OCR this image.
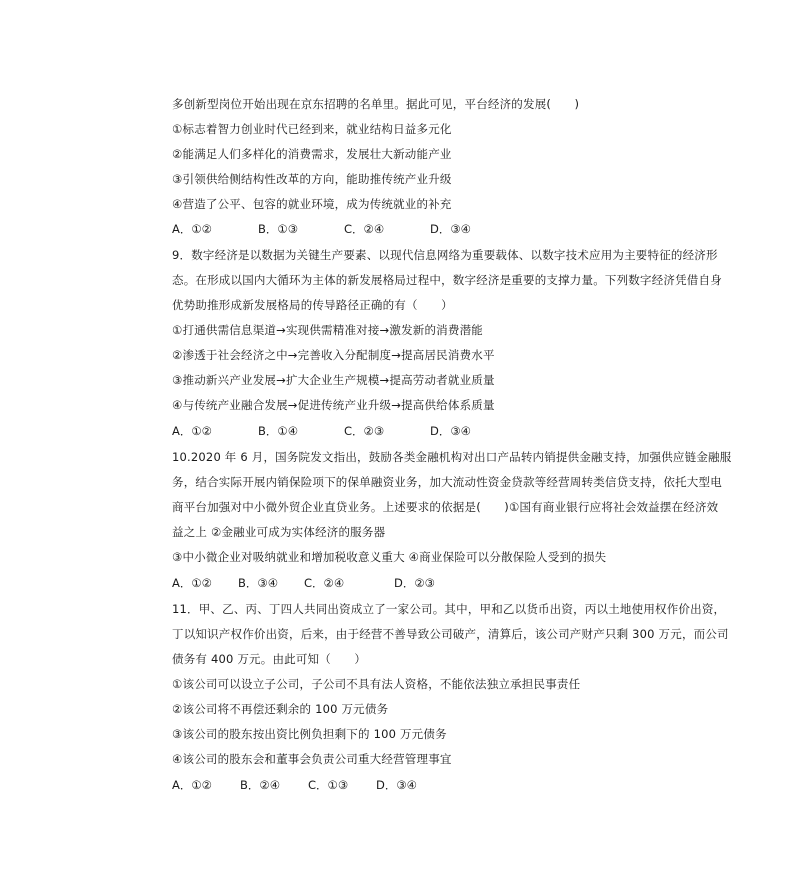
多创新型岗位开始出现在京东招聘的名单里。据此可见，平台经济的发展(　　)
①标志着智力创业时代已经到来，就业结构日益多元化
②能满足人们多样化的消费需求，发展壮大新动能产业
③引领供给侧结构性改革的方向，能助推传统产业升级
④营造了公平、包容的就业环境，成为传统就业的补充
A．①②	B．①③	C．②④	D．③④
9．数字经济是以数据为关键生产要素、以现代信息网络为重要载体、以数字技术应用为主要特征的经济形
态。在形成以国内大循环为主体的新发展格局过程中，数字经济是重要的支撑力量。下列数字经济凭借自身
优势助推形成新发展格局的传导路径正确的有（　　）
①打通供需信息渠道→实现供需精准对接→激发新的消费潜能
②渗透于社会经济之中→完善收入分配制度→提高居民消费水平
③推动新兴产业发展→扩大企业生产规模→提高劳动者就业质量
④与传统产业融合发展→促进传统产业升级→提高供给体系质量
A．①②	B．①④	C．②③	D．③④
10.2020 年 6 月，国务院发文指出，鼓励各类金融机构对出口产品转内销提供金融支持，加强供应链金融服
务，结合实际开展内销保险项下的保单融资业务，加大流动性资金贷款等经营周转类信贷支持，依托大型电
商平台加强对中小微外贸企业直贷业务。上述要求的依据是(　　)①国有商业银行应将社会效益摆在经济效
益之上 ②金融业可成为实体经济的服务器
③中小微企业对吸纳就业和增加税收意义重大 ④商业保险可以分散保险人受到的损失
A．①② B．③④ C．②④	D．②③
11．甲、乙、丙、丁四人共同出资成立了一家公司。其中，甲和乙以货币出资，丙以土地使用权作价出资，
丁以知识产权作价出资，后来，由于经营不善导致公司破产，清算后，该公司产财产只剩 300 万元，而公司
债务有 400 万元。由此可知（　　）
①该公司可以设立子公司，子公司不具有法人资格，不能依法独立承担民事责任
②该公司将不再偿还剩余的 100 万元债务
③该公司的股东按出资比例负担剩下的 100 万元债务
④该公司的股东会和董事会负责公司重大经营管理事宜
A．①② B．②④ C．①③ D．③④
